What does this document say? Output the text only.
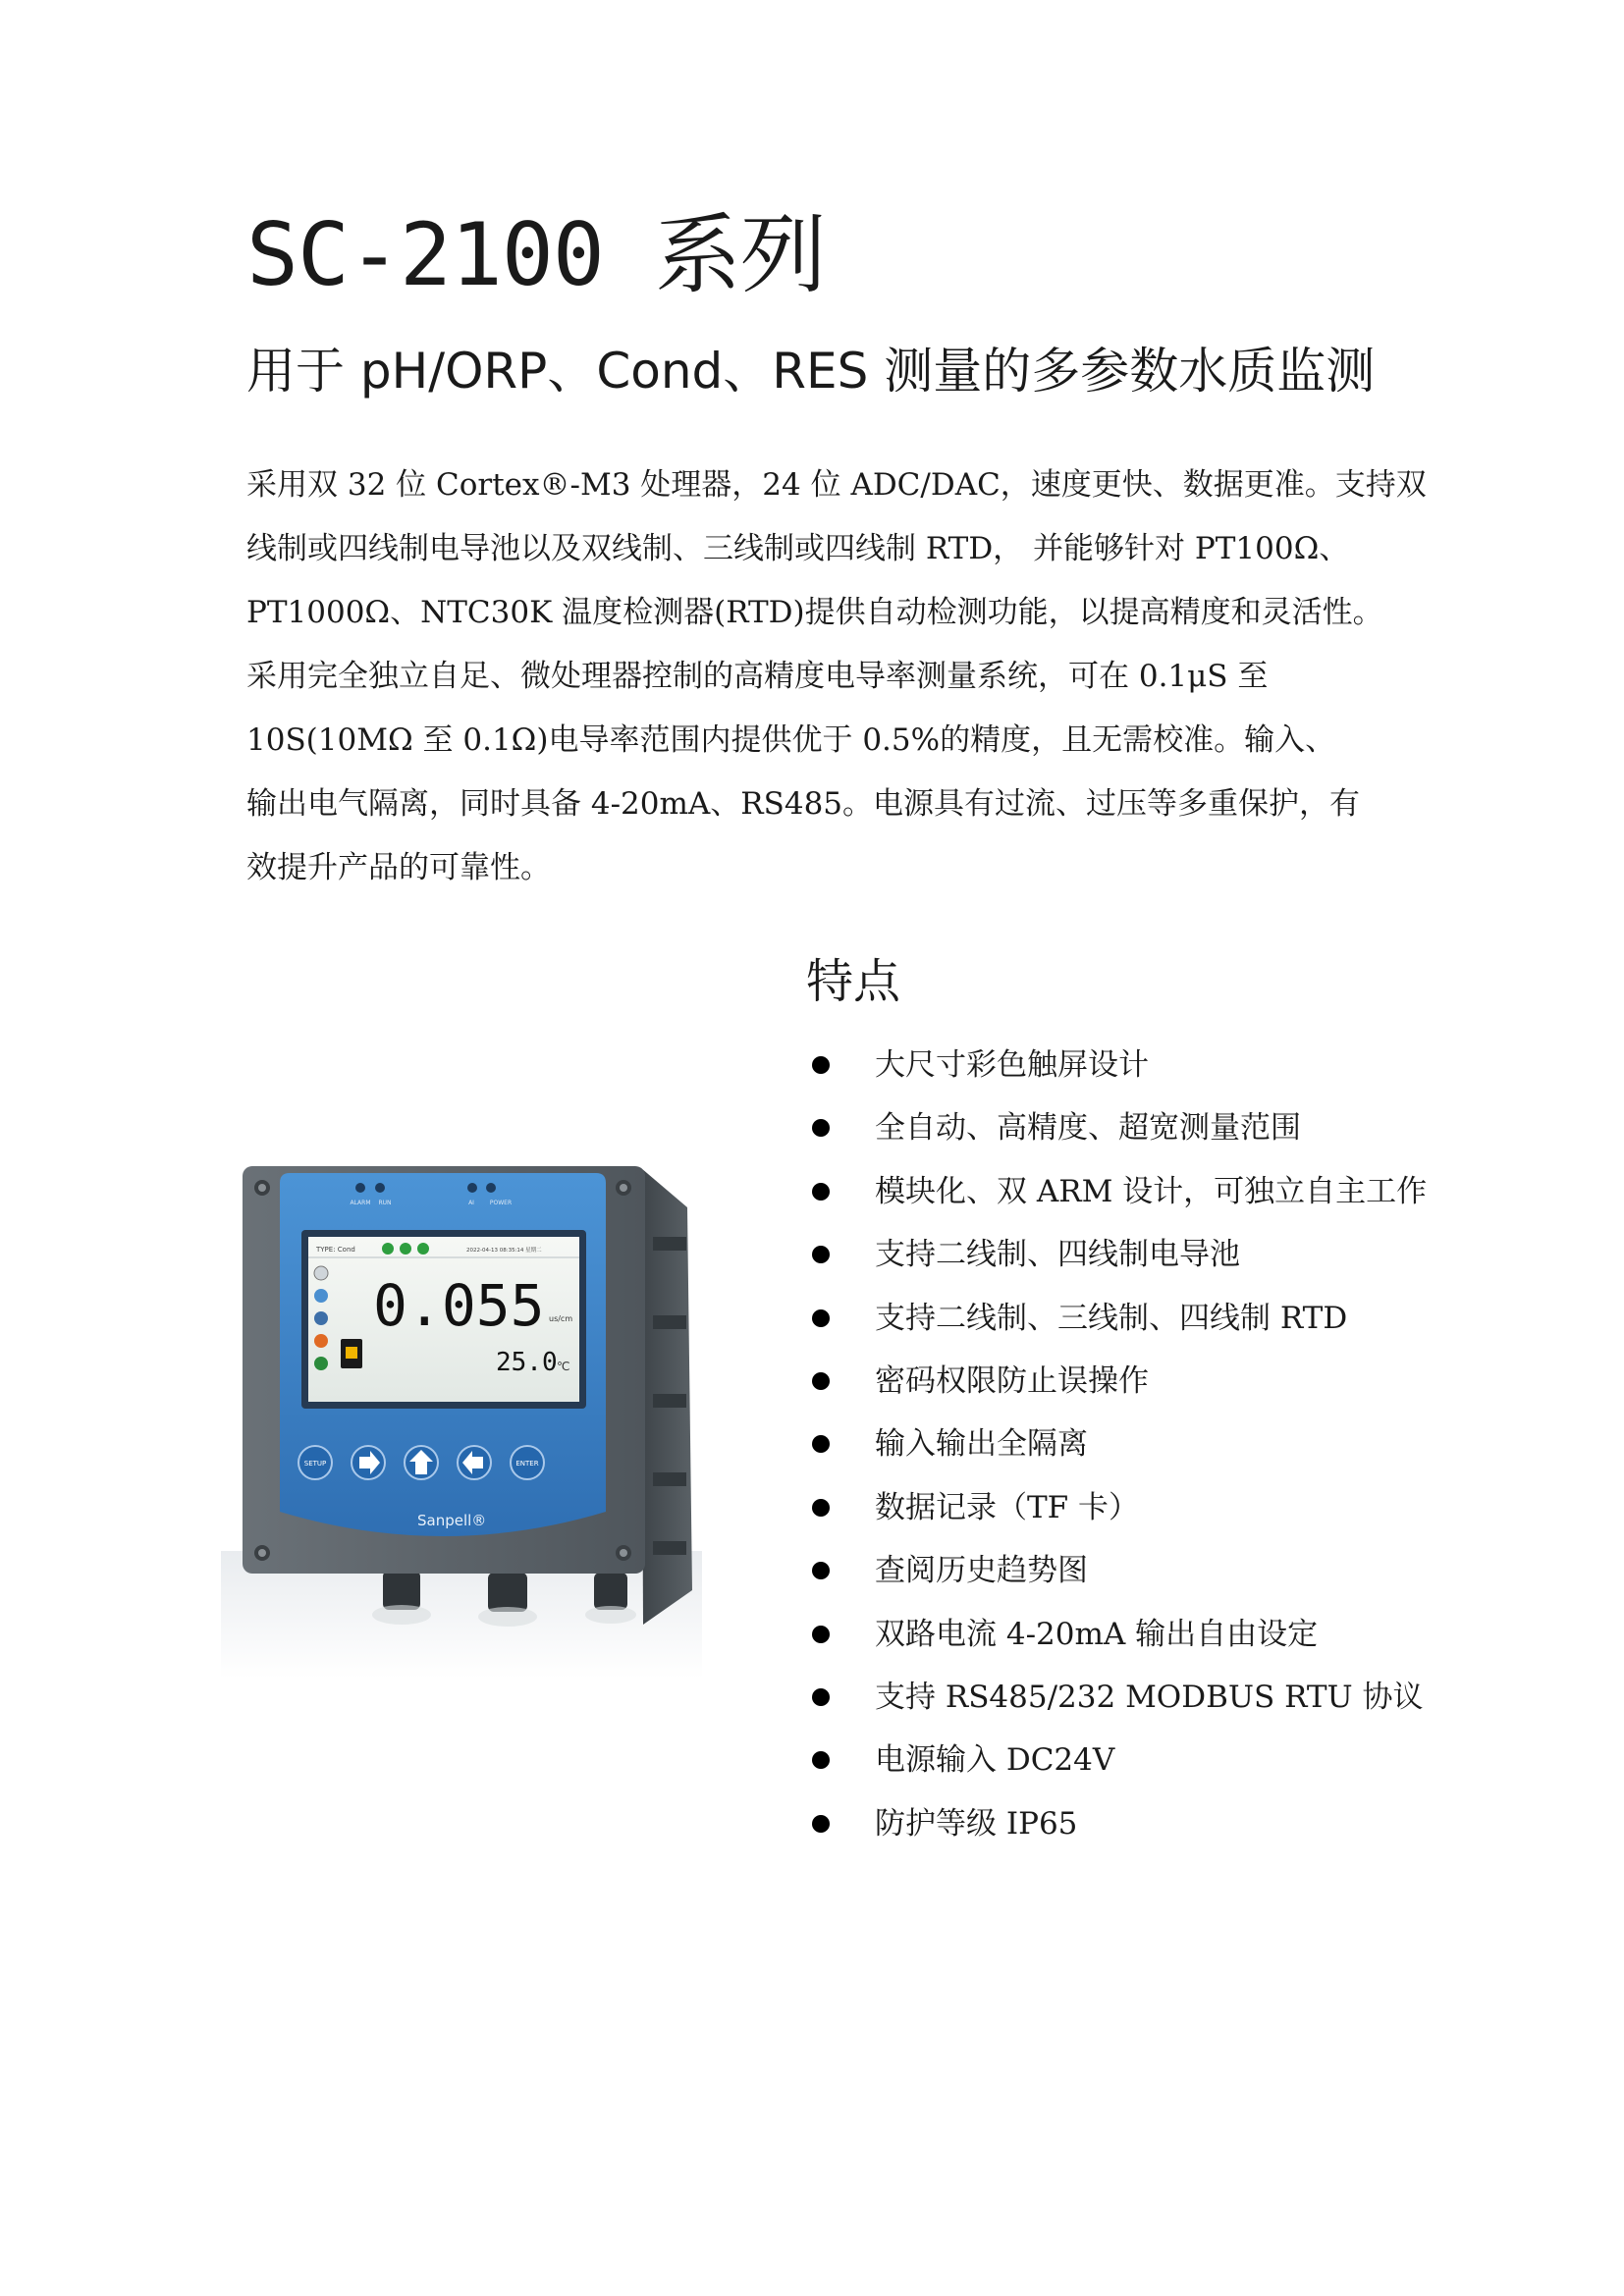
SC-2100 系列
用于 pH/ORP、Cond、RES 测量的多参数水质监测

采用双 32 位 Cortex®-M3 处理器，24 位 ADC/DAC，速度更快、数据更准。支持双

线制或四线制电导池以及双线制、三线制或四线制 RTD， 并能够针对 PT100Ω、

PT1000Ω、NTC30K 温度检测器(RTD)提供自动检测功能，以提高精度和灵活性。

采用完全独立自足、微处理器控制的高精度电导率测量系统，可在 0.1μS 至

10S(10MΩ 至 0.1Ω)电导率范围内提供优于 0.5%的精度，且无需校准。输入、

输出电气隔离，同时具备 4-20mA、RS485。电源具有过流、过压等多重保护，有

效提升产品的可靠性。

特点
大尺寸彩色触屏设计
全自动、高精度、超宽测量范围
模块化、双 ARM 设计，可独立自主工作
支持二线制、四线制电导池
支持二线制、三线制、四线制 RTD
密码权限防止误操作
输入输出全隔离
数据记录（TF 卡）
查阅历史趋势图
双路电流 4-20mA 输出自由设定
支持 RS485/232 MODBUS RTU 协议
电源输入 DC24V
防护等级 IP65
ALARM RUN	AI	POWER
TYPE: Cond	2022-04-13 08:35:14 星期二
0.055 us/cm
25.0 ℃
SETUP	ENTER
Sanpell®
